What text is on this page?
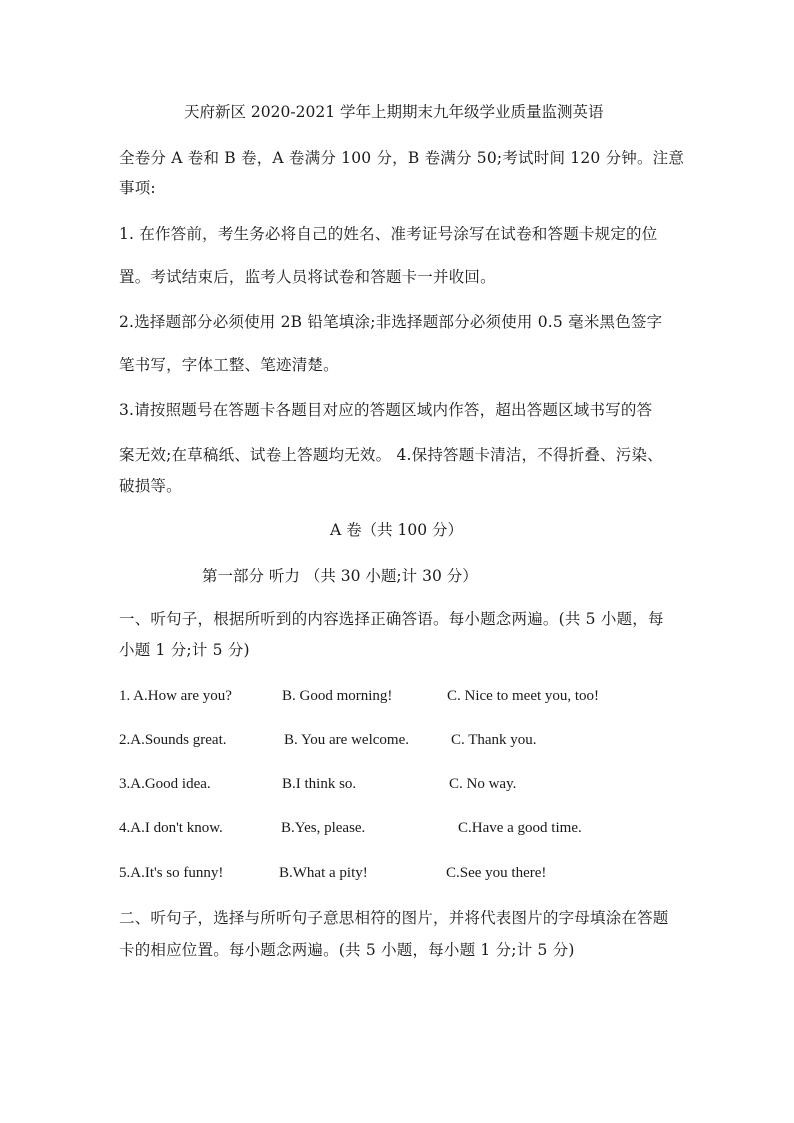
天府新区 2020-2021 学年上期期末九年级学业质量监测英语
全卷分 A 卷和 B 卷，A 卷满分 100 分，B 卷满分 50;考试时间 120 分钟。注意
事项:
1. 在作答前，考生务必将自己的姓名、准考证号涂写在试卷和答题卡规定的位
置。考试结束后，监考人员将试卷和答题卡一并收回。
2.选择题部分必须使用 2B 铅笔填涂;非选择题部分必须使用 0.5 毫米黑色签字
笔书写，字体工整、笔迹清楚。
3.请按照题号在答题卡各题目对应的答题区域内作答，超出答题区域书写的答
案无效;在草稿纸、试卷上答题均无效。 4.保持答题卡清洁，不得折叠、污染、
破损等。
A 卷（共 100 分）
第一部分 听力 （共 30 小题;计 30 分）
一、听句子，根据所听到的内容选择正确答语。每小题念两遍。(共 5 小题，每
小题 1 分;计 5 分)
1. A.How are you?	B. Good morning!	C. Nice to meet you, too!
2.A.Sounds great.	B. You are welcome.	C. Thank you.
3.A.Good idea.	B.I think so.	C. No way.
4.A.I don't know.	B.Yes, please.	C.Have a good time.
5.A.It's so funny!	B.What a pity!	C.See you there!
二、听句子，选择与所听句子意思相符的图片，并将代表图片的字母填涂在答题
卡的相应位置。每小题念两遍。(共 5 小题，每小题 1 分;计 5 分)
